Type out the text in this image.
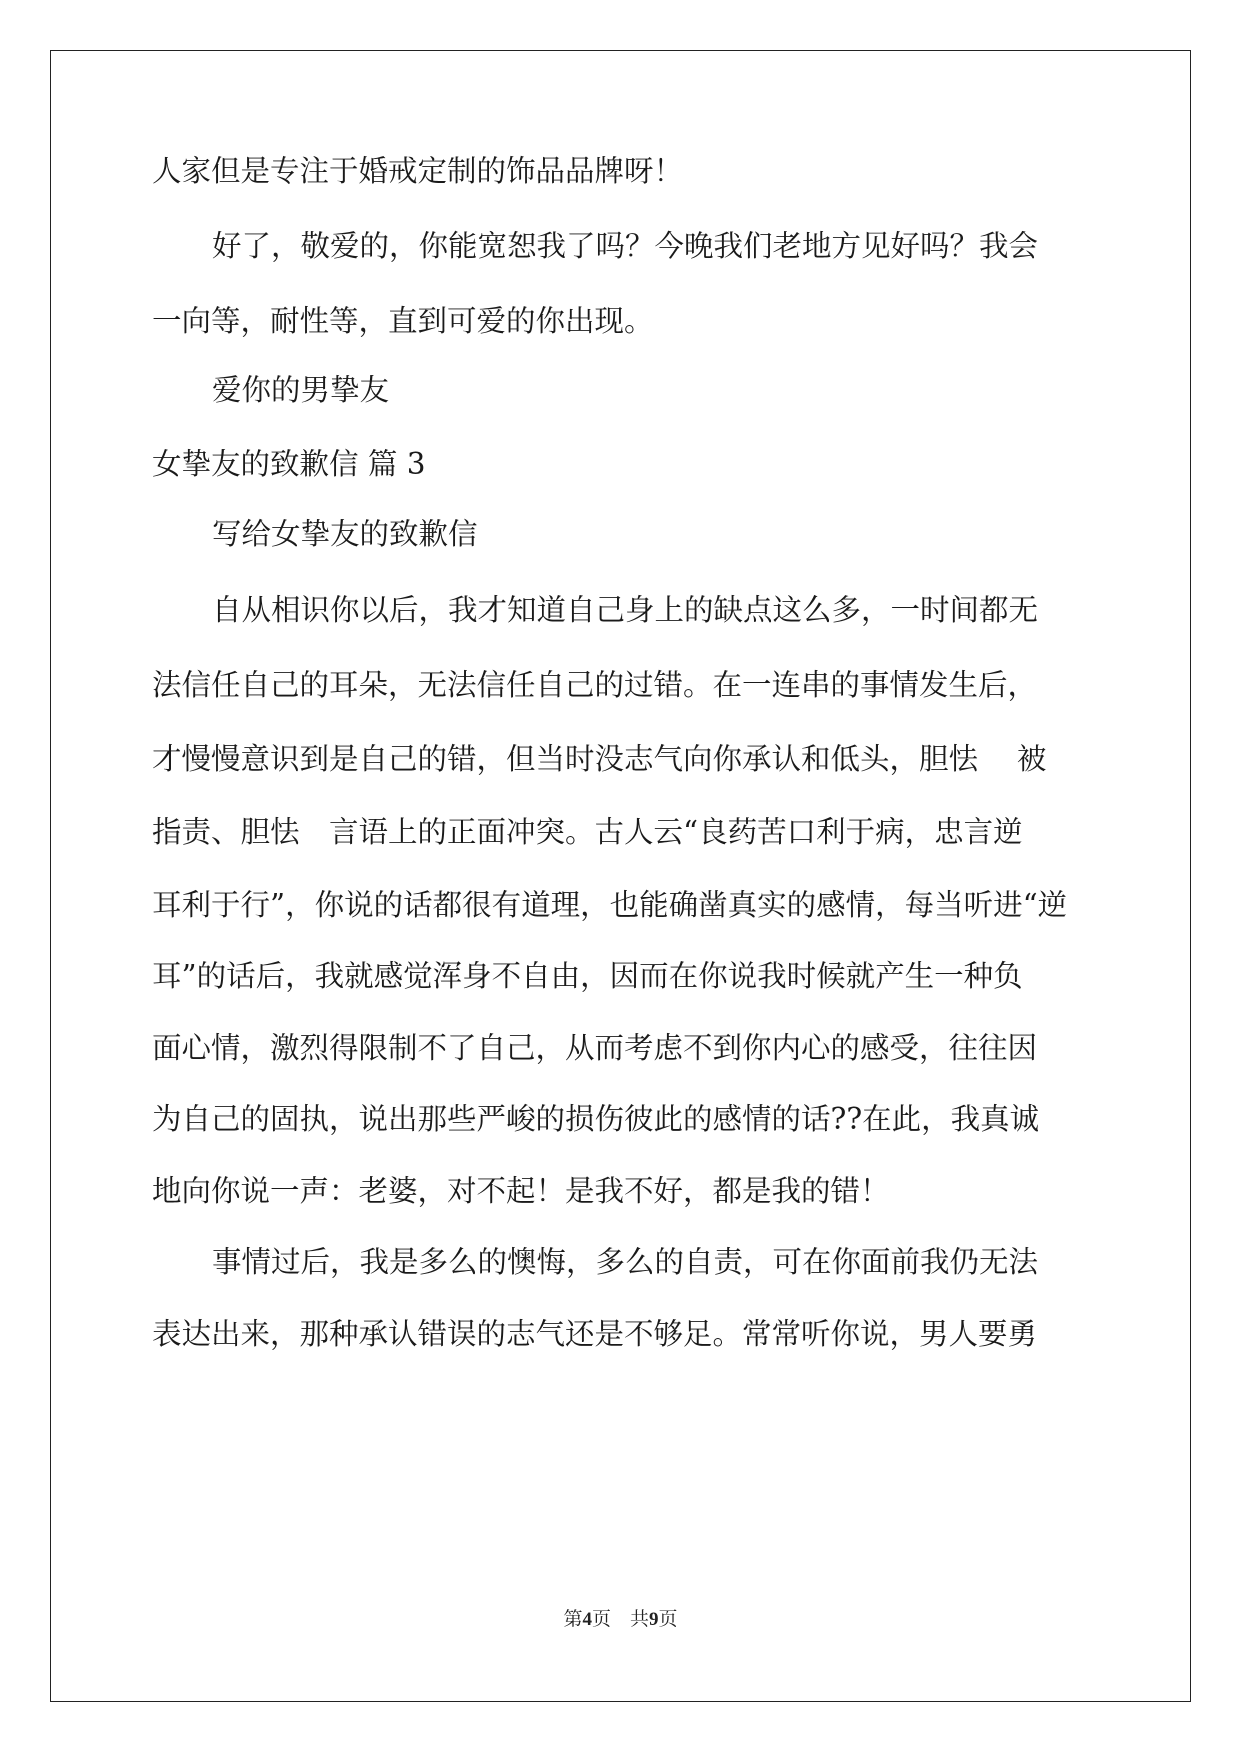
人家但是专注于婚戒定制的饰品品牌呀！
好了，敬爱的，你能宽恕我了吗？今晚我们老地方见好吗？我会
一向等，耐性等，直到可爱的你出现。
爱你的男挚友
女挚友的致歉信 篇 3
写给女挚友的致歉信
自从相识你以后，我才知道自己身上的缺点这么多，一时间都无
法信任自己的耳朵，无法信任自己的过错。在一连串的事情发生后，
才慢慢意识到是自己的错，但当时没志气向你承认和低头，胆怯　 被
指责、胆怯　言语上的正面冲突。古人云“良药苦口利于病，忠言逆
耳利于行”，你说的话都很有道理，也能确凿真实的感情，每当听进“逆
耳”的话后，我就感觉浑身不自由，因而在你说我时候就产生一种负
面心情，激烈得限制不了自己，从而考虑不到你内心的感受，往往因
为自己的固执，说出那些严峻的损伤彼此的感情的话??在此，我真诚
地向你说一声：老婆，对不起！是我不好，都是我的错！
事情过后，我是多么的懊悔，多么的自责，可在你面前我仍无法
表达出来，那种承认错误的志气还是不够足。常常听你说，男人要勇
第4页　共9页
